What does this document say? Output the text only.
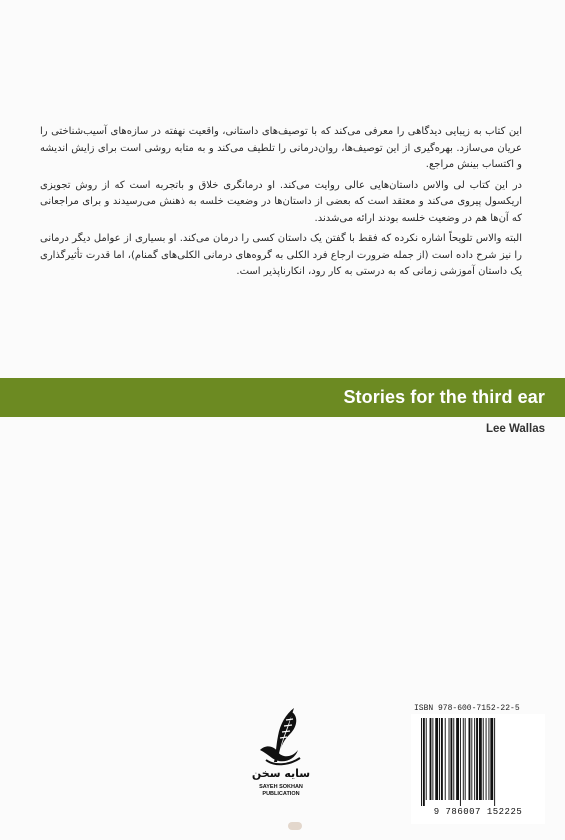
این کتاب به زیبایی دیدگاهی را معرفی می‌کند که با توصیف‌های داستانی، واقعیت نهفته در سازه‌های آسیب‌شناختی را عریان می‌سازد. بهره‌گیری از این توصیف‌ها، روان‌درمانی را تلطیف می‌کند و به متابه روشی است برای زایش اندیشه و اکتساب بینش مراجع.

در این کتاب لی والاس داستان‌هایی عالی روایت می‌کند. او درمانگری خلاق و باتجربه است که از روش تجویزی اریکسول پیروی می‌کند و معتقد است که بعضی از داستان‌ها در وضعیت خلسه به ذهنش می‌رسیدند و برای مراجعانی که آن‌ها هم در وضعیت خلسه بودند ارائه می‌شدند.

البته والاس تلویحاً اشاره نکرده که فقط با گفتن یک داستان کسی را درمان می‌کند. او بسیاری از عوامل دیگر درمانی را نیز شرح داده است (از جمله ضرورت ارجاع فرد الکلی به گروه‌های درمانی الکلی‌های گمنام)، اما قدرت تأثیرگذاری یک داستان آموزشی زمانی که به درستی به کار رود، انکارناپذیر است.

Stories for the third ear
Lee Wallas
سایه سخن
SAYEH SOKHAN
PUBLICATION
ISBN 978-600-7152-22-5
9 786007 152225
